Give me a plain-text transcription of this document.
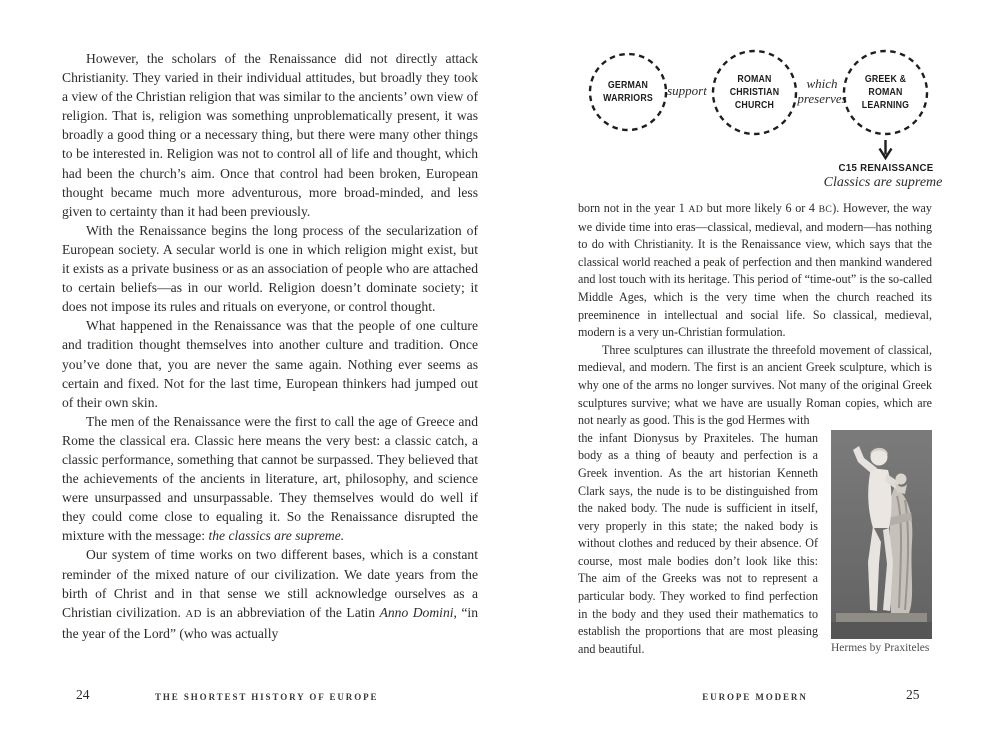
However, the scholars of the Renaissance did not directly attack Christianity. They varied in their individual attitudes, but broadly they took a view of the Christian religion that was similar to the ancients’ own view of religion. That is, religion was something unproblematically present, it was broadly a good thing or a necessary thing, but there were many other things to be interested in. Religion was not to control all of life and thought, which had been the church’s aim. Once that control had been broken, European thought became much more adventurous, more broad-minded, and less given to certainty than it had been previously.

With the Renaissance begins the long process of the secularization of European society. A secular world is one in which religion might exist, but it exists as a private business or as an association of people who are attached to certain beliefs—as in our world. Religion doesn’t dominate society; it does not impose its rules and rituals on everyone, or control thought.

What happened in the Renaissance was that the people of one culture and tradition thought themselves into another culture and tradition. Once you’ve done that, you are never the same again. Nothing ever seems as certain and fixed. Not for the last time, European thinkers had jumped out of their own skin.

The men of the Renaissance were the first to call the age of Greece and Rome the classical era. Classic here means the very best: a classic catch, a classic performance, something that cannot be surpassed. They believed that the achievements of the ancients in literature, art, philosophy, and science were unsurpassed and unsurpassable. They themselves would do well if they could come close to equaling it. So the Renaissance disrupted the mixture with the message: the classics are supreme.

Our system of time works on two different bases, which is a constant reminder of the mixed nature of our civilization. We date years from the birth of Christ and in that sense we still acknowledge ourselves as a Christian civilization. AD is an abbreviation of the Latin Anno Domini, “in the year of the Lord” (who was actually

GERMAN WARRIORS
support
ROMAN CHRISTIAN CHURCH
which preserves
GREEK & ROMAN LEARNING
C15 RENAISSANCE
Classics are supreme

born not in the year 1 AD but more likely 6 or 4 BC). However, the way we divide time into eras—classical, medieval, and modern—has nothing to do with Christianity. It is the Renaissance view, which says that the classical world reached a peak of perfection and then mankind wandered and lost touch with its heritage. This period of “time-out” is the so-called Middle Ages, which is the very time when the church reached its preeminence in intellectual and social life. So classical, medieval, modern is a very un-Christian formulation.

Three sculptures can illustrate the threefold movement of classical, medieval, and modern. The first is an ancient Greek sculpture, which is why one of the arms no longer survives. Not many of the original Greek sculptures survive; what we have are usually Roman copies, which are not nearly as good. This is the god Hermes with

Hermes by Praxiteles
the infant Dionysus by Praxiteles. The human body as a thing of beauty and perfection is a Greek invention. As the art historian Kenneth Clark says, the nude is to be distinguished from the naked body. The nude is sufficient in itself, very properly in this state; the naked body is without clothes and reduced by their absence. Of course, most male bodies don’t look like this: The aim of the Greeks was not to represent a particular body. They worked to find perfection in the body and they used their mathematics to establish the proportions that are most pleasing and beautiful.
24	THE SHORTEST HISTORY OF EUROPE	EUROPE MODERN	25
